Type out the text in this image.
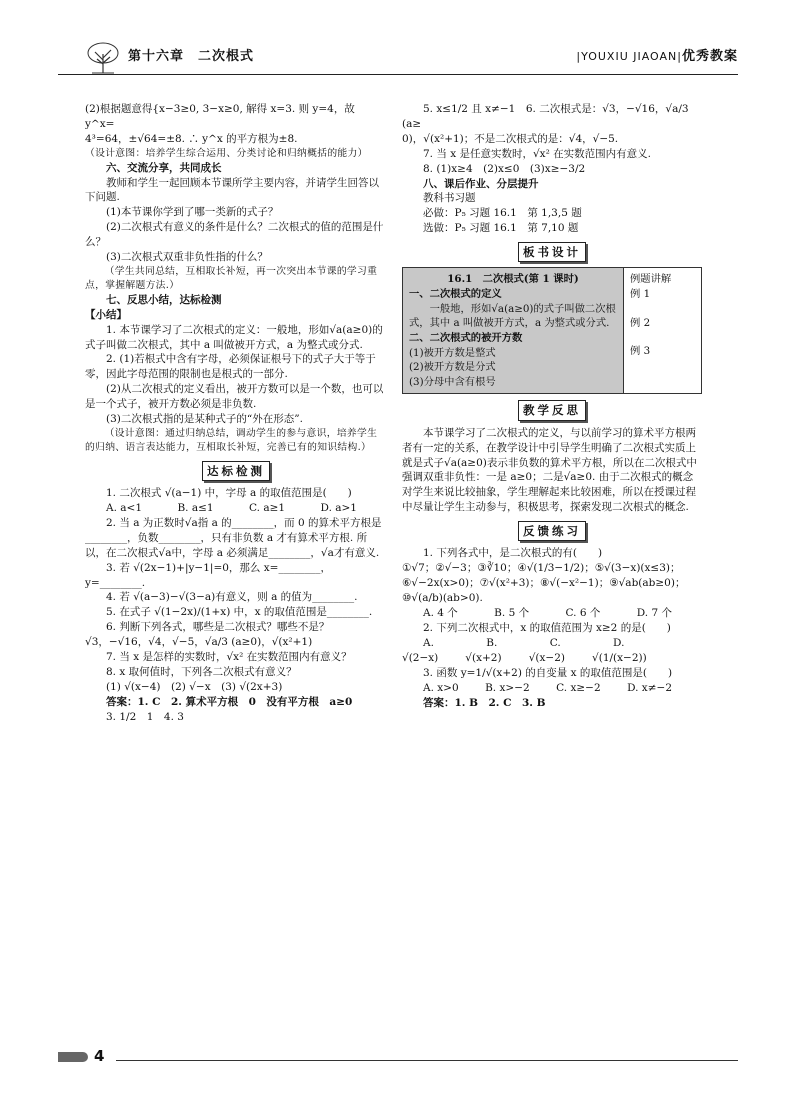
第十六章　二次根式	|YOUXIU JIAOAN|优秀教案

(2)根据题意得{x−3≥0, 3−x≥0, 解得 x=3. 则 y=4，故 y^x=

4³=64，±√64=±8. ∴ y^x 的平方根为±8.

（设计意图：培养学生综合运用、分类讨论和归纳概括的能力）

六、交流分享，共同成长

教师和学生一起回顾本节课所学主要内容，并请学生回答以下问题.

(1)本节课你学到了哪一类新的式子？

(2)二次根式有意义的条件是什么？二次根式的值的范围是什么？

(3)二次根式双重非负性指的什么？

（学生共同总结，互相取长补短，再一次突出本节课的学习重点，掌握解题方法.）

七、反思小结，达标检测

【小结】

1. 本节课学习了二次根式的定义：一般地，形如√a(a≥0)的式子叫做二次根式，其中 a 叫做被开方式，a 为整式或分式.

2. (1)若根式中含有字母，必须保证根号下的式子大于等于零，因此字母范围的限制也是根式的一部分.

(2)从二次根式的定义看出，被开方数可以是一个数，也可以是一个式子，被开方数必须是非负数.

(3)二次根式指的是某种式子的“外在形态”.

（设计意图：通过归纳总结，调动学生的参与意识，培养学生的归纳、语言表达能力，互相取长补短，完善已有的知识结构.）

达标检测

1. 二次根式 √(a−1) 中，字母 a 的取值范围是(　　)

A. a<1	B. a≤1	C. a≥1	D. a>1

2. 当 a 为正数时√a指 a 的________，而 0 的算术平方根是________，负数________，只有非负数 a 才有算术平方根. 所以，在二次根式√a中，字母 a 必须满足________，√a才有意义.

3. 若 √(2x−1)+|y−1|=0，那么 x=________，y=________.

4. 若 √(a−3)−√(3−a)有意义，则 a 的值为________.

5. 在式子 √(1−2x)/(1+x) 中，x 的取值范围是________.

6. 判断下列各式，哪些是二次根式？哪些不是？

√3，−√16，√4，√−5，√a/3 (a≥0)，√(x²+1)

7. 当 x 是怎样的实数时，√x² 在实数范围内有意义？

8. x 取何值时，下列各二次根式有意义？

(1) √(x−4)　(2) √−x　(3) √(2x+3)

答案：1. C　2. 算术平方根　0　没有平方根　a≥0

3. 1/2　1　4. 3

5. x≤1/2 且 x≠−1　6. 二次根式是：√3，−√16，√a/3 (a≥

0)，√(x²+1)；不是二次根式的是：√4，√−5.

7. 当 x 是任意实数时，√x² 在实数范围内有意义.

8. (1)x≥4　(2)x≤0　(3)x≥−3/2

八、课后作业、分层提升

教科书习题

必做：P₅ 习题 16.1　第 1,3,5 题

选做：P₅ 习题 16.1　第 7,10 题

板书设计

16.1　二次根式(第 1 课时)

一、二次根式的定义

一般地，形如√a(a≥0)的式子叫做二次根式，其中 a 叫做被开方式，a 为整式或分式.

二、二次根式的被开方数

(1)被开方数是整式

(2)被开方数是分式

(3)分母中含有根号

例题讲解

例 1

例 2

例 3

教学反思

本节课学习了二次根式的定义，与以前学习的算术平方根两者有一定的关系，在教学设计中引导学生明确了二次根式实质上就是式子√a(a≥0)表示非负数的算术平方根，所以在二次根式中强调双重非负性：一是 a≥0；二是√a≥0. 由于二次根式的概念对学生来说比较抽象，学生理解起来比较困难，所以在授课过程中尽量让学生主动参与，积极思考，探索发现二次根式的概念.

反馈练习

1. 下列各式中，是二次根式的有(　　)

①√7；②√−3；③∛10；④√(1/3−1/2)；⑤√(3−x)(x≤3)；

⑥√−2x(x>0)；⑦√(x²+3)；⑧√(−x²−1)；⑨√ab(ab≥0)；

⑩√(a/b)(ab>0).

A. 4 个	B. 5 个	C. 6 个	D. 7 个

2. 下列二次根式中，x 的取值范围为 x≥2 的是(　　)

A. √(2−x)
B. √(x+2)
C. √(x−2)
D. √(1/(x−2))

3. 函数 y=1/√(x+2) 的自变量 x 的取值范围是(　　)

A. x>0	B. x>−2	C. x≥−2	D. x≠−2

答案：1. B　2. C　3. B

4
